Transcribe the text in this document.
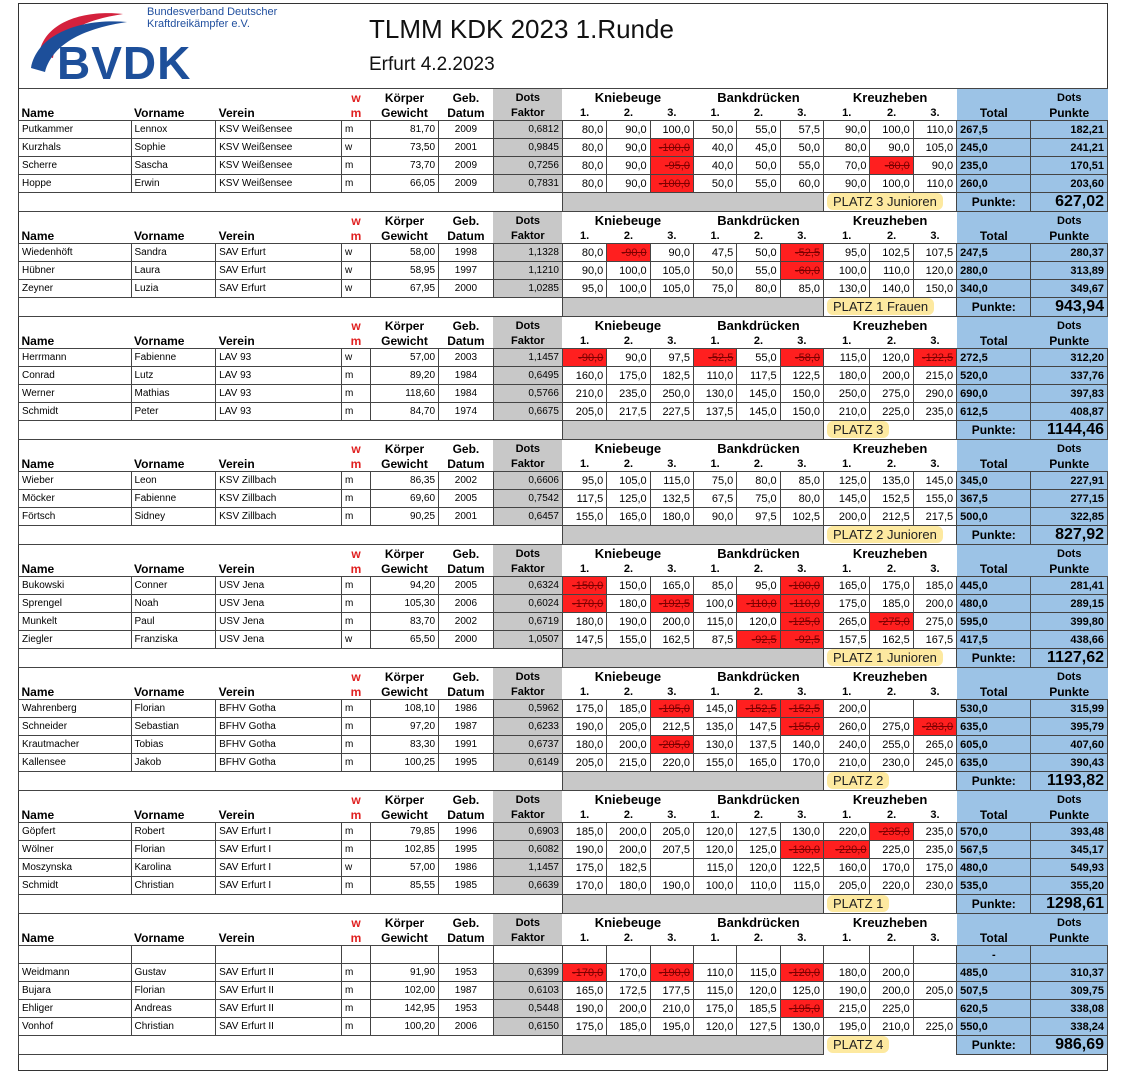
Bundesverband Deutscher
Kraftdreikämpfer e.V.
BVDK
TLMM KDK 2023 1.Runde
Erfurt 4.2.2023
			w	Körper	Geb.	Dots	Kniebeuge			Bankdrücken			Kreuzheben				Dots
Name	Vorname	Verein	m	Gewicht	Datum	Faktor	1.	2.	3.	1.	2.	3.	1.	2.	3.	Total	Punkte
Putkammer	Lennox	KSV Weißensee	m	81,70	2009	0,6812	80,0	90,0	100,0	50,0	55,0	57,5	90,0	100,0	110,0	267,5	182,21
Kurzhals	Sophie	KSV Weißensee	w	73,50	2001	0,9845	80,0	90,0	-100,0	40,0	45,0	50,0	80,0	90,0	105,0	245,0	241,21
Scherre	Sascha	KSV Weißensee	m	73,70	2009	0,7256	80,0	90,0	-95,0	40,0	50,0	55,0	70,0	-80,0	90,0	235,0	170,51
Hoppe	Erwin	KSV Weißensee	m	66,05	2009	0,7831	80,0	90,0	-100,0	50,0	55,0	60,0	90,0	100,0	110,0	260,0	203,60
													PLATZ 3 Junioren			Punkte:	627,02
			w	Körper	Geb.	Dots	Kniebeuge			Bankdrücken			Kreuzheben				Dots
Name	Vorname	Verein	m	Gewicht	Datum	Faktor	1.	2.	3.	1.	2.	3.	1.	2.	3.	Total	Punkte
Wiedenhöft	Sandra	SAV Erfurt	w	58,00	1998	1,1328	80,0	-90,0	90,0	47,5	50,0	-52,5	95,0	102,5	107,5	247,5	280,37
Hübner	Laura	SAV Erfurt	w	58,95	1997	1,1210	90,0	100,0	105,0	50,0	55,0	-60,0	100,0	110,0	120,0	280,0	313,89
Zeyner	Luzia	SAV Erfurt	w	67,95	2000	1,0285	95,0	100,0	105,0	75,0	80,0	85,0	130,0	140,0	150,0	340,0	349,67
													PLATZ 1 Frauen			Punkte:	943,94
			w	Körper	Geb.	Dots	Kniebeuge			Bankdrücken			Kreuzheben				Dots
Name	Vorname	Verein	m	Gewicht	Datum	Faktor	1.	2.	3.	1.	2.	3.	1.	2.	3.	Total	Punkte
Herrmann	Fabienne	LAV 93	w	57,00	2003	1,1457	-90,0	90,0	97,5	-52,5	55,0	-58,0	115,0	120,0	-122,5	272,5	312,20
Conrad	Lutz	LAV 93	m	89,20	1984	0,6495	160,0	175,0	182,5	110,0	117,5	122,5	180,0	200,0	215,0	520,0	337,76
Werner	Mathias	LAV 93	m	118,60	1984	0,5766	210,0	235,0	250,0	130,0	145,0	150,0	250,0	275,0	290,0	690,0	397,83
Schmidt	Peter	LAV 93	m	84,70	1974	0,6675	205,0	217,5	227,5	137,5	145,0	150,0	210,0	225,0	235,0	612,5	408,87
													PLATZ 3			Punkte:	1144,46
			w	Körper	Geb.	Dots	Kniebeuge			Bankdrücken			Kreuzheben				Dots
Name	Vorname	Verein	m	Gewicht	Datum	Faktor	1.	2.	3.	1.	2.	3.	1.	2.	3.	Total	Punkte
Wieber	Leon	KSV Zillbach	m	86,35	2002	0,6606	95,0	105,0	115,0	75,0	80,0	85,0	125,0	135,0	145,0	345,0	227,91
Möcker	Fabienne	KSV Zillbach	m	69,60	2005	0,7542	117,5	125,0	132,5	67,5	75,0	80,0	145,0	152,5	155,0	367,5	277,15
Förtsch	Sidney	KSV Zillbach	m	90,25	2001	0,6457	155,0	165,0	180,0	90,0	97,5	102,5	200,0	212,5	217,5	500,0	322,85
													PLATZ 2 Junioren			Punkte:	827,92
			w	Körper	Geb.	Dots	Kniebeuge			Bankdrücken			Kreuzheben				Dots
Name	Vorname	Verein	m	Gewicht	Datum	Faktor	1.	2.	3.	1.	2.	3.	1.	2.	3.	Total	Punkte
Bukowski	Conner	USV Jena	m	94,20	2005	0,6324	-150,0	150,0	165,0	85,0	95,0	-100,0	165,0	175,0	185,0	445,0	281,41
Sprengel	Noah	USV Jena	m	105,30	2006	0,6024	-170,0	180,0	-192,5	100,0	-110,0	-110,0	175,0	185,0	200,0	480,0	289,15
Munkelt	Paul	USV Jena	m	83,70	2002	0,6719	180,0	190,0	200,0	115,0	120,0	-125,0	265,0	-275,0	275,0	595,0	399,80
Ziegler	Franziska	USV Jena	w	65,50	2000	1,0507	147,5	155,0	162,5	87,5	-92,5	-92,5	157,5	162,5	167,5	417,5	438,66
													PLATZ 1 Junioren			Punkte:	1127,62
			w	Körper	Geb.	Dots	Kniebeuge			Bankdrücken			Kreuzheben				Dots
Name	Vorname	Verein	m	Gewicht	Datum	Faktor	1.	2.	3.	1.	2.	3.	1.	2.	3.	Total	Punkte
Wahrenberg	Florian	BFHV Gotha	m	108,10	1986	0,5962	175,0	185,0	-195,0	145,0	-152,5	-152,5	200,0			530,0	315,99
Schneider	Sebastian	BFHV Gotha	m	97,20	1987	0,6233	190,0	205,0	212,5	135,0	147,5	-155,0	260,0	275,0	-283,0	635,0	395,79
Krautmacher	Tobias	BFHV Gotha	m	83,30	1991	0,6737	180,0	200,0	-205,0	130,0	137,5	140,0	240,0	255,0	265,0	605,0	407,60
Kallensee	Jakob	BFHV Gotha	m	100,25	1995	0,6149	205,0	215,0	220,0	155,0	165,0	170,0	210,0	230,0	245,0	635,0	390,43
													PLATZ 2			Punkte:	1193,82
			w	Körper	Geb.	Dots	Kniebeuge			Bankdrücken			Kreuzheben				Dots
Name	Vorname	Verein	m	Gewicht	Datum	Faktor	1.	2.	3.	1.	2.	3.	1.	2.	3.	Total	Punkte
Göpfert	Robert	SAV Erfurt I	m	79,85	1996	0,6903	185,0	200,0	205,0	120,0	127,5	130,0	220,0	-235,0	235,0	570,0	393,48
Wölner	Florian	SAV Erfurt I	m	102,85	1995	0,6082	190,0	200,0	207,5	120,0	125,0	-130,0	-220,0	225,0	235,0	567,5	345,17
Moszynska	Karolina	SAV Erfurt I	w	57,00	1986	1,1457	175,0	182,5		115,0	120,0	122,5	160,0	170,0	175,0	480,0	549,93
Schmidt	Christian	SAV Erfurt I	m	85,55	1985	0,6639	170,0	180,0	190,0	100,0	110,0	115,0	205,0	220,0	230,0	535,0	355,20
													PLATZ 1			Punkte:	1298,61
			w	Körper	Geb.	Dots	Kniebeuge			Bankdrücken			Kreuzheben				Dots
Name	Vorname	Verein	m	Gewicht	Datum	Faktor	1.	2.	3.	1.	2.	3.	1.	2.	3.	Total	Punkte
																-	
Weidmann	Gustav	SAV Erfurt II	m	91,90	1953	0,6399	-170,0	170,0	-190,0	110,0	115,0	-120,0	180,0	200,0		485,0	310,37
Bujara	Florian	SAV Erfurt II	m	102,00	1987	0,6103	165,0	172,5	177,5	115,0	120,0	125,0	190,0	200,0	205,0	507,5	309,75
Ehliger	Andreas	SAV Erfurt II	m	142,95	1953	0,5448	190,0	200,0	210,0	175,0	185,5	-195,0	215,0	225,0		620,5	338,08
Vonhof	Christian	SAV Erfurt II	m	100,20	2006	0,6150	175,0	185,0	195,0	120,0	127,5	130,0	195,0	210,0	225,0	550,0	338,24
													PLATZ 4			Punkte:	986,69
